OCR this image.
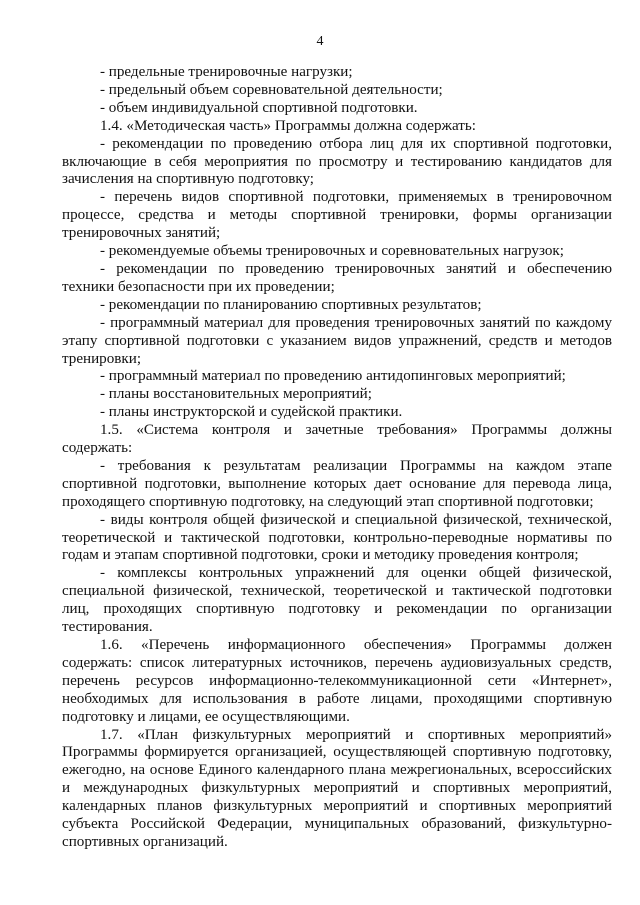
4

- предельные тренировочные нагрузки;

- предельный объем соревновательной деятельности;

- объем индивидуальной спортивной подготовки.

1.4. «Методическая часть» Программы должна содержать:

- рекомендации по проведению отбора лиц для их спортивной подготовки, включающие в себя мероприятия по просмотру и тестированию кандидатов для зачисления на спортивную подготовку;

- перечень видов спортивной подготовки, применяемых в тренировочном процессе, средства и методы спортивной тренировки, формы организации тренировочных занятий;

- рекомендуемые объемы тренировочных и соревновательных нагрузок;

- рекомендации по проведению тренировочных занятий и обеспечению техники безопасности при их проведении;

- рекомендации по планированию спортивных результатов;

- программный материал для проведения тренировочных занятий по каждому этапу спортивной подготовки с указанием видов упражнений, средств и методов тренировки;

- программный материал по проведению антидопинговых мероприятий;

- планы восстановительных мероприятий;

- планы инструкторской и судейской практики.

1.5. «Система контроля и зачетные требования» Программы должны содержать:

- требования к результатам реализации Программы на каждом этапе спортивной подготовки, выполнение которых дает основание для перевода лица, проходящего спортивную подготовку, на следующий этап спортивной подготовки;

- виды контроля общей физической и специальной физической, технической, теоретической и тактической подготовки, контрольно-переводные нормативы по годам и этапам спортивной подготовки, сроки и методику проведения контроля;

- комплексы контрольных упражнений для оценки общей физической, специальной физической, технической, теоретической и тактической подготовки лиц, проходящих спортивную подготовку и рекомендации по организации тестирования.

1.6. «Перечень информационного обеспечения» Программы должен содержать: список литературных источников, перечень аудиовизуальных средств, перечень ресурсов информационно-телекоммуникационной сети «Интернет», необходимых для использования в работе лицами, проходящими спортивную подготовку и лицами, ее осуществляющими.

1.7. «План физкультурных мероприятий и спортивных мероприятий» Программы формируется организацией, осуществляющей спортивную подготовку, ежегодно, на основе Единого календарного плана межрегиональных, всероссийских и международных физкультурных мероприятий и спортивных мероприятий, календарных планов физкультурных мероприятий и спортивных мероприятий субъекта Российской Федерации, муниципальных образований, физкультурно-спортивных организаций.
